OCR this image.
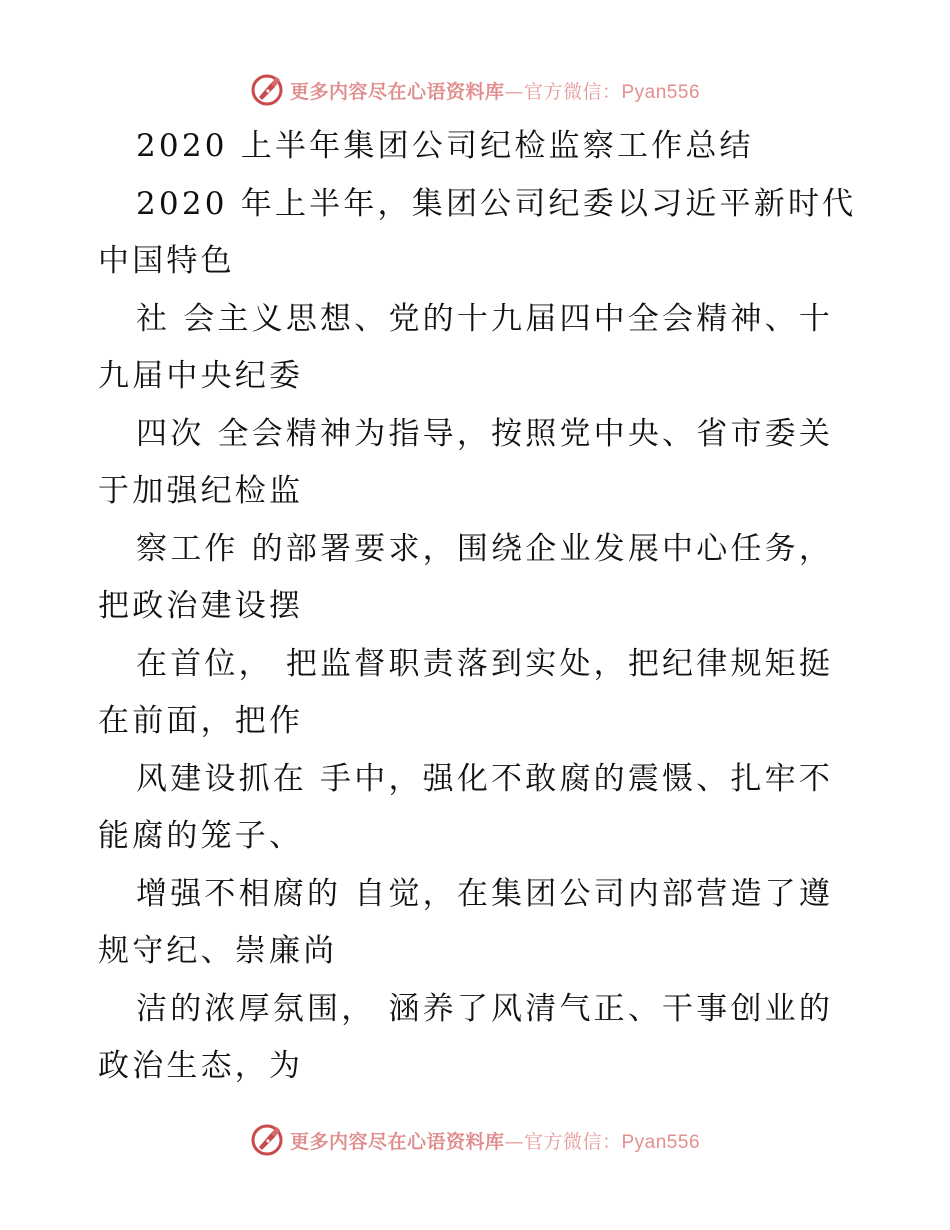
更多内容尽在心语资料库—官方微信：Pyan556
2020 上半年集团公司纪检监察工作总结
2020 年上半年，集团公司纪委以习近平新时代
中国特色
社 会主义思想、党的十九届四中全会精神、十
九届中央纪委
四次 全会精神为指导，按照党中央、省市委关
于加强纪检监
察工作 的部署要求，围绕企业发展中心任务，
把政治建设摆
在首位， 把监督职责落到实处，把纪律规矩挺
在前面，把作
风建设抓在 手中，强化不敢腐的震慑、扎牢不
能腐的笼子、
增强不相腐的 自觉，在集团公司内部营造了遵
规守纪、崇廉尚
洁的浓厚氛围， 涵养了风清气正、干事创业的
政治生态，为
更多内容尽在心语资料库—官方微信：Pyan556
